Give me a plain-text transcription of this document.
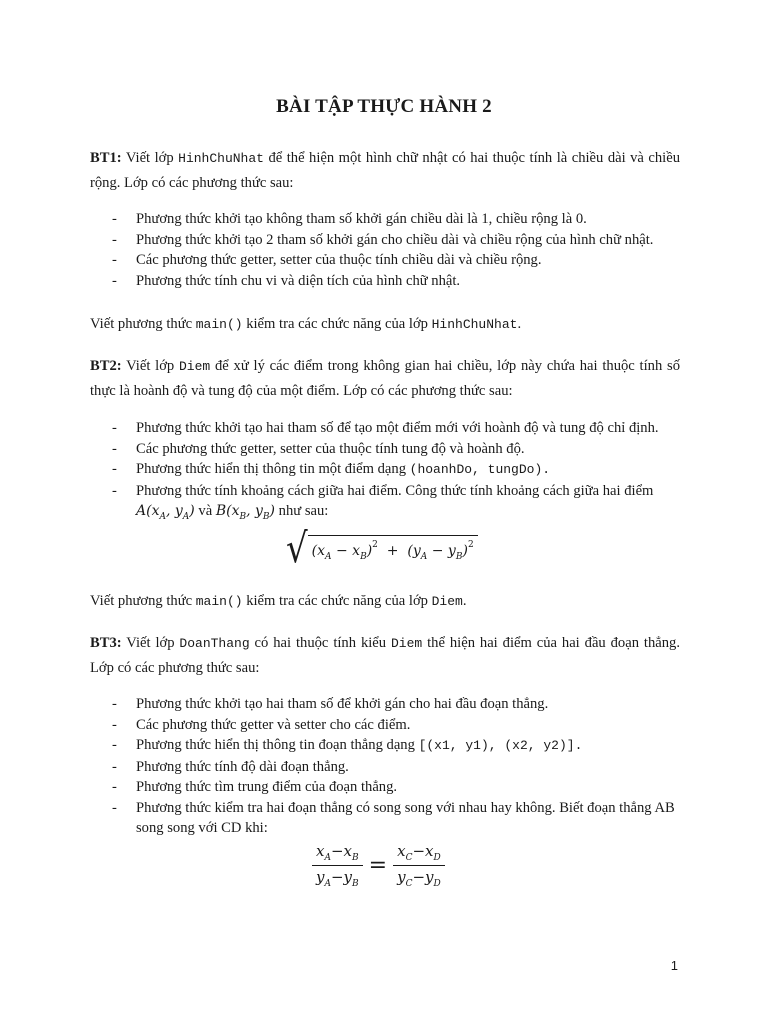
BÀI TẬP THỰC HÀNH 2
BT1: Viết lớp HinhChuNhat để thể hiện một hình chữ nhật có hai thuộc tính là chiều dài và chiều rộng. Lớp có các phương thức sau:
- Phương thức khởi tạo không tham số khởi gán chiều dài là 1, chiều rộng là 0.
- Phương thức khởi tạo 2 tham số khởi gán cho chiều dài và chiều rộng của hình chữ nhật.
- Các phương thức getter, setter của thuộc tính chiều dài và chiều rộng.
- Phương thức tính chu vi và diện tích của hình chữ nhật.
Viết phương thức main() kiểm tra các chức năng của lớp HinhChuNhat.
BT2: Viết lớp Diem để xử lý các điểm trong không gian hai chiều, lớp này chứa hai thuộc tính số thực là hoành độ và tung độ của một điểm. Lớp có các phương thức sau:
- Phương thức khởi tạo hai tham số để tạo một điểm mới với hoành độ và tung độ chỉ định.
- Các phương thức getter, setter của thuộc tính tung độ và hoành độ.
- Phương thức hiển thị thông tin một điểm dạng (hoanhDo, tungDo).
- Phương thức tính khoảng cách giữa hai điểm. Công thức tính khoảng cách giữa hai điểm
$A(x_A$, $y_A$) và $B(x_B$, $y_B$) như sau:
√ $(x_A - x_B)^2 + (y_A - y_B)^2$
Viết phương thức main() kiểm tra các chức năng của lớp Diem.
BT3: Viết lớp DoanThang có hai thuộc tính kiểu Diem thể hiện hai điểm của hai đầu đoạn thẳng. Lớp có các phương thức sau:
- Phương thức khởi tạo hai tham số để khởi gán cho hai đầu đoạn thẳng.
- Các phương thức getter và setter cho các điểm.
- Phương thức hiển thị thông tin đoạn thẳng dạng [(x1, y1), (x2, y2)].
- Phương thức tính độ dài đoạn thẳng.
- Phương thức tìm trung điểm của đoạn thẳng.
- Phương thức kiểm tra hai đoạn thẳng có song song với nhau hay không. Biết đoạn thẳng AB song song với CD khi:
$\frac{x_A-x_B}{y_A-y_B} = \frac{x_C-x_D}{y_C-y_D}$
1
